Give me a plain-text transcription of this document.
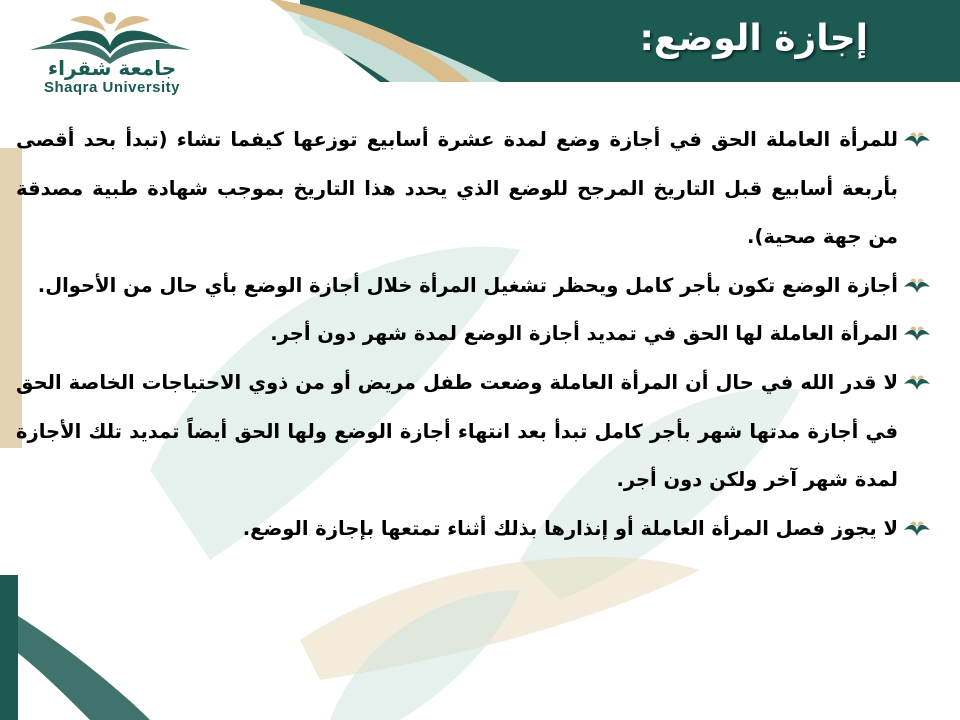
جامعة شقراء
Shaqra University
إجازة الوضع:
للمرأة العاملة الحق في أجازة وضع لمدة عشرة أسابيع توزعها كيفما تشاء (تبدأ بحد أقصى بأربعة أسابيع قبل التاريخ المرجح للوضع الذي يحدد هذا التاريخ بموجب شهادة طبية مصدقة من جهة صحية).
أجازة الوضع تكون بأجر كامل ويحظر تشغيل المرأة خلال أجازة الوضع بأي حال من الأحوال.
المرأة العاملة لها الحق في تمديد أجازة الوضع لمدة شهر دون أجر.
لا قدر الله في حال أن المرأة العاملة وضعت طفل مريض أو من ذوي الاحتياجات الخاصة الحق في أجازة مدتها شهر بأجر كامل تبدأ بعد انتهاء أجازة الوضع ولها الحق أيضاً تمديد تلك الأجازة لمدة شهر آخر ولكن دون أجر.
لا يجوز فصل المرأة العاملة أو إنذارها بذلك أثناء تمتعها بإجازة الوضع.
